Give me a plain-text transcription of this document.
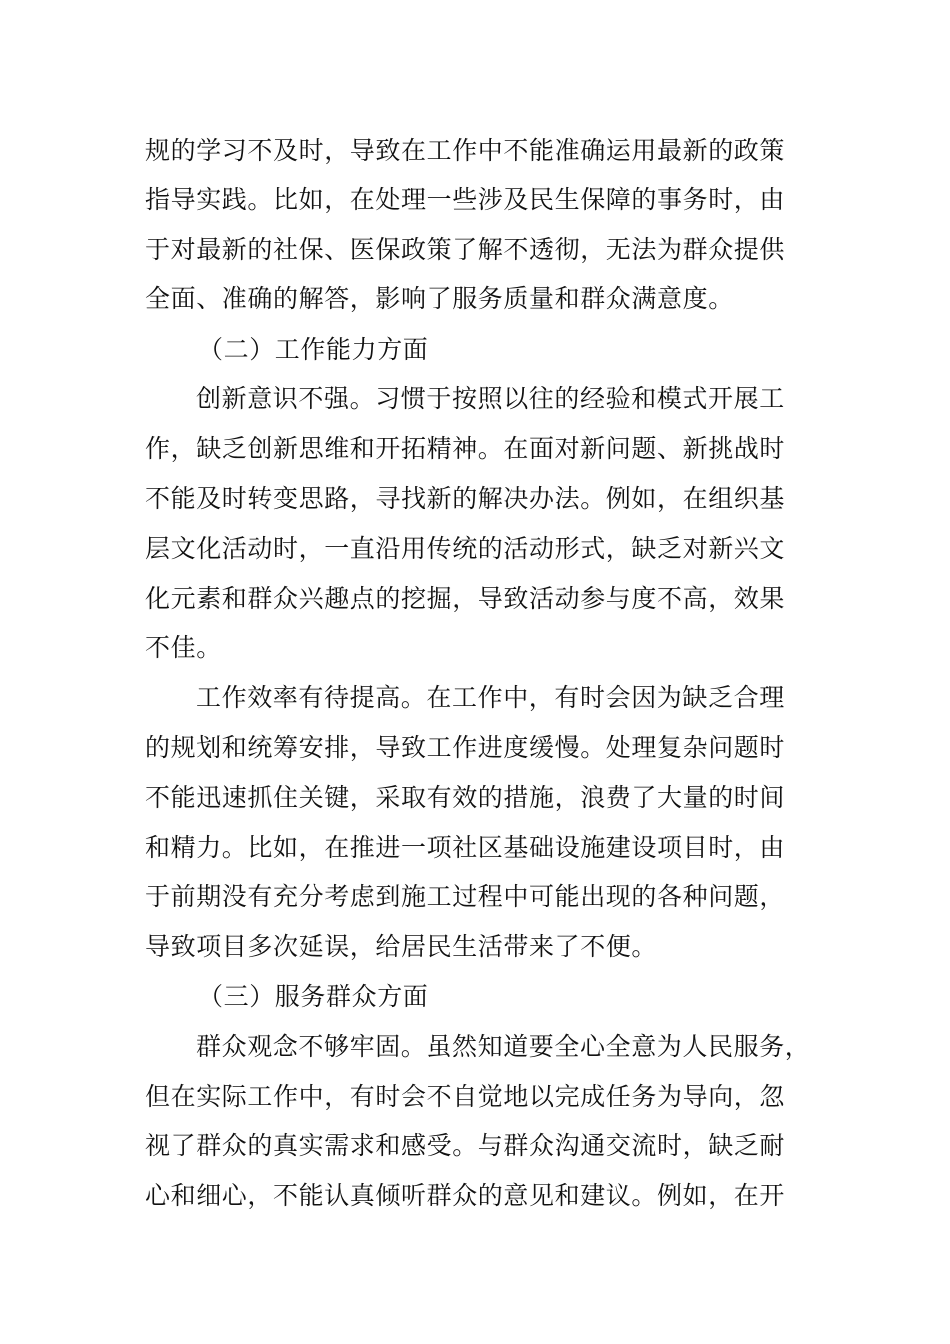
规的学习不及时，导致在工作中不能准确运用最新的政策
指导实践。比如，在处理一些涉及民生保障的事务时，由
于对最新的社保、医保政策了解不透彻，无法为群众提供
全面、准确的解答，影响了服务质量和群众满意度。
（二）工作能力方面
创新意识不强。习惯于按照以往的经验和模式开展工
作，缺乏创新思维和开拓精神。在面对新问题、新挑战时
不能及时转变思路，寻找新的解决办法。例如，在组织基
层文化活动时，一直沿用传统的活动形式，缺乏对新兴文
化元素和群众兴趣点的挖掘，导致活动参与度不高，效果
不佳。
工作效率有待提高。在工作中，有时会因为缺乏合理
的规划和统筹安排，导致工作进度缓慢。处理复杂问题时
不能迅速抓住关键，采取有效的措施，浪费了大量的时间
和精力。比如，在推进一项社区基础设施建设项目时，由
于前期没有充分考虑到施工过程中可能出现的各种问题，
导致项目多次延误，给居民生活带来了不便。
（三）服务群众方面
群众观念不够牢固。虽然知道要全心全意为人民服务，
但在实际工作中，有时会不自觉地以完成任务为导向，忽
视了群众的真实需求和感受。与群众沟通交流时，缺乏耐
心和细心，不能认真倾听群众的意见和建议。例如，在开
